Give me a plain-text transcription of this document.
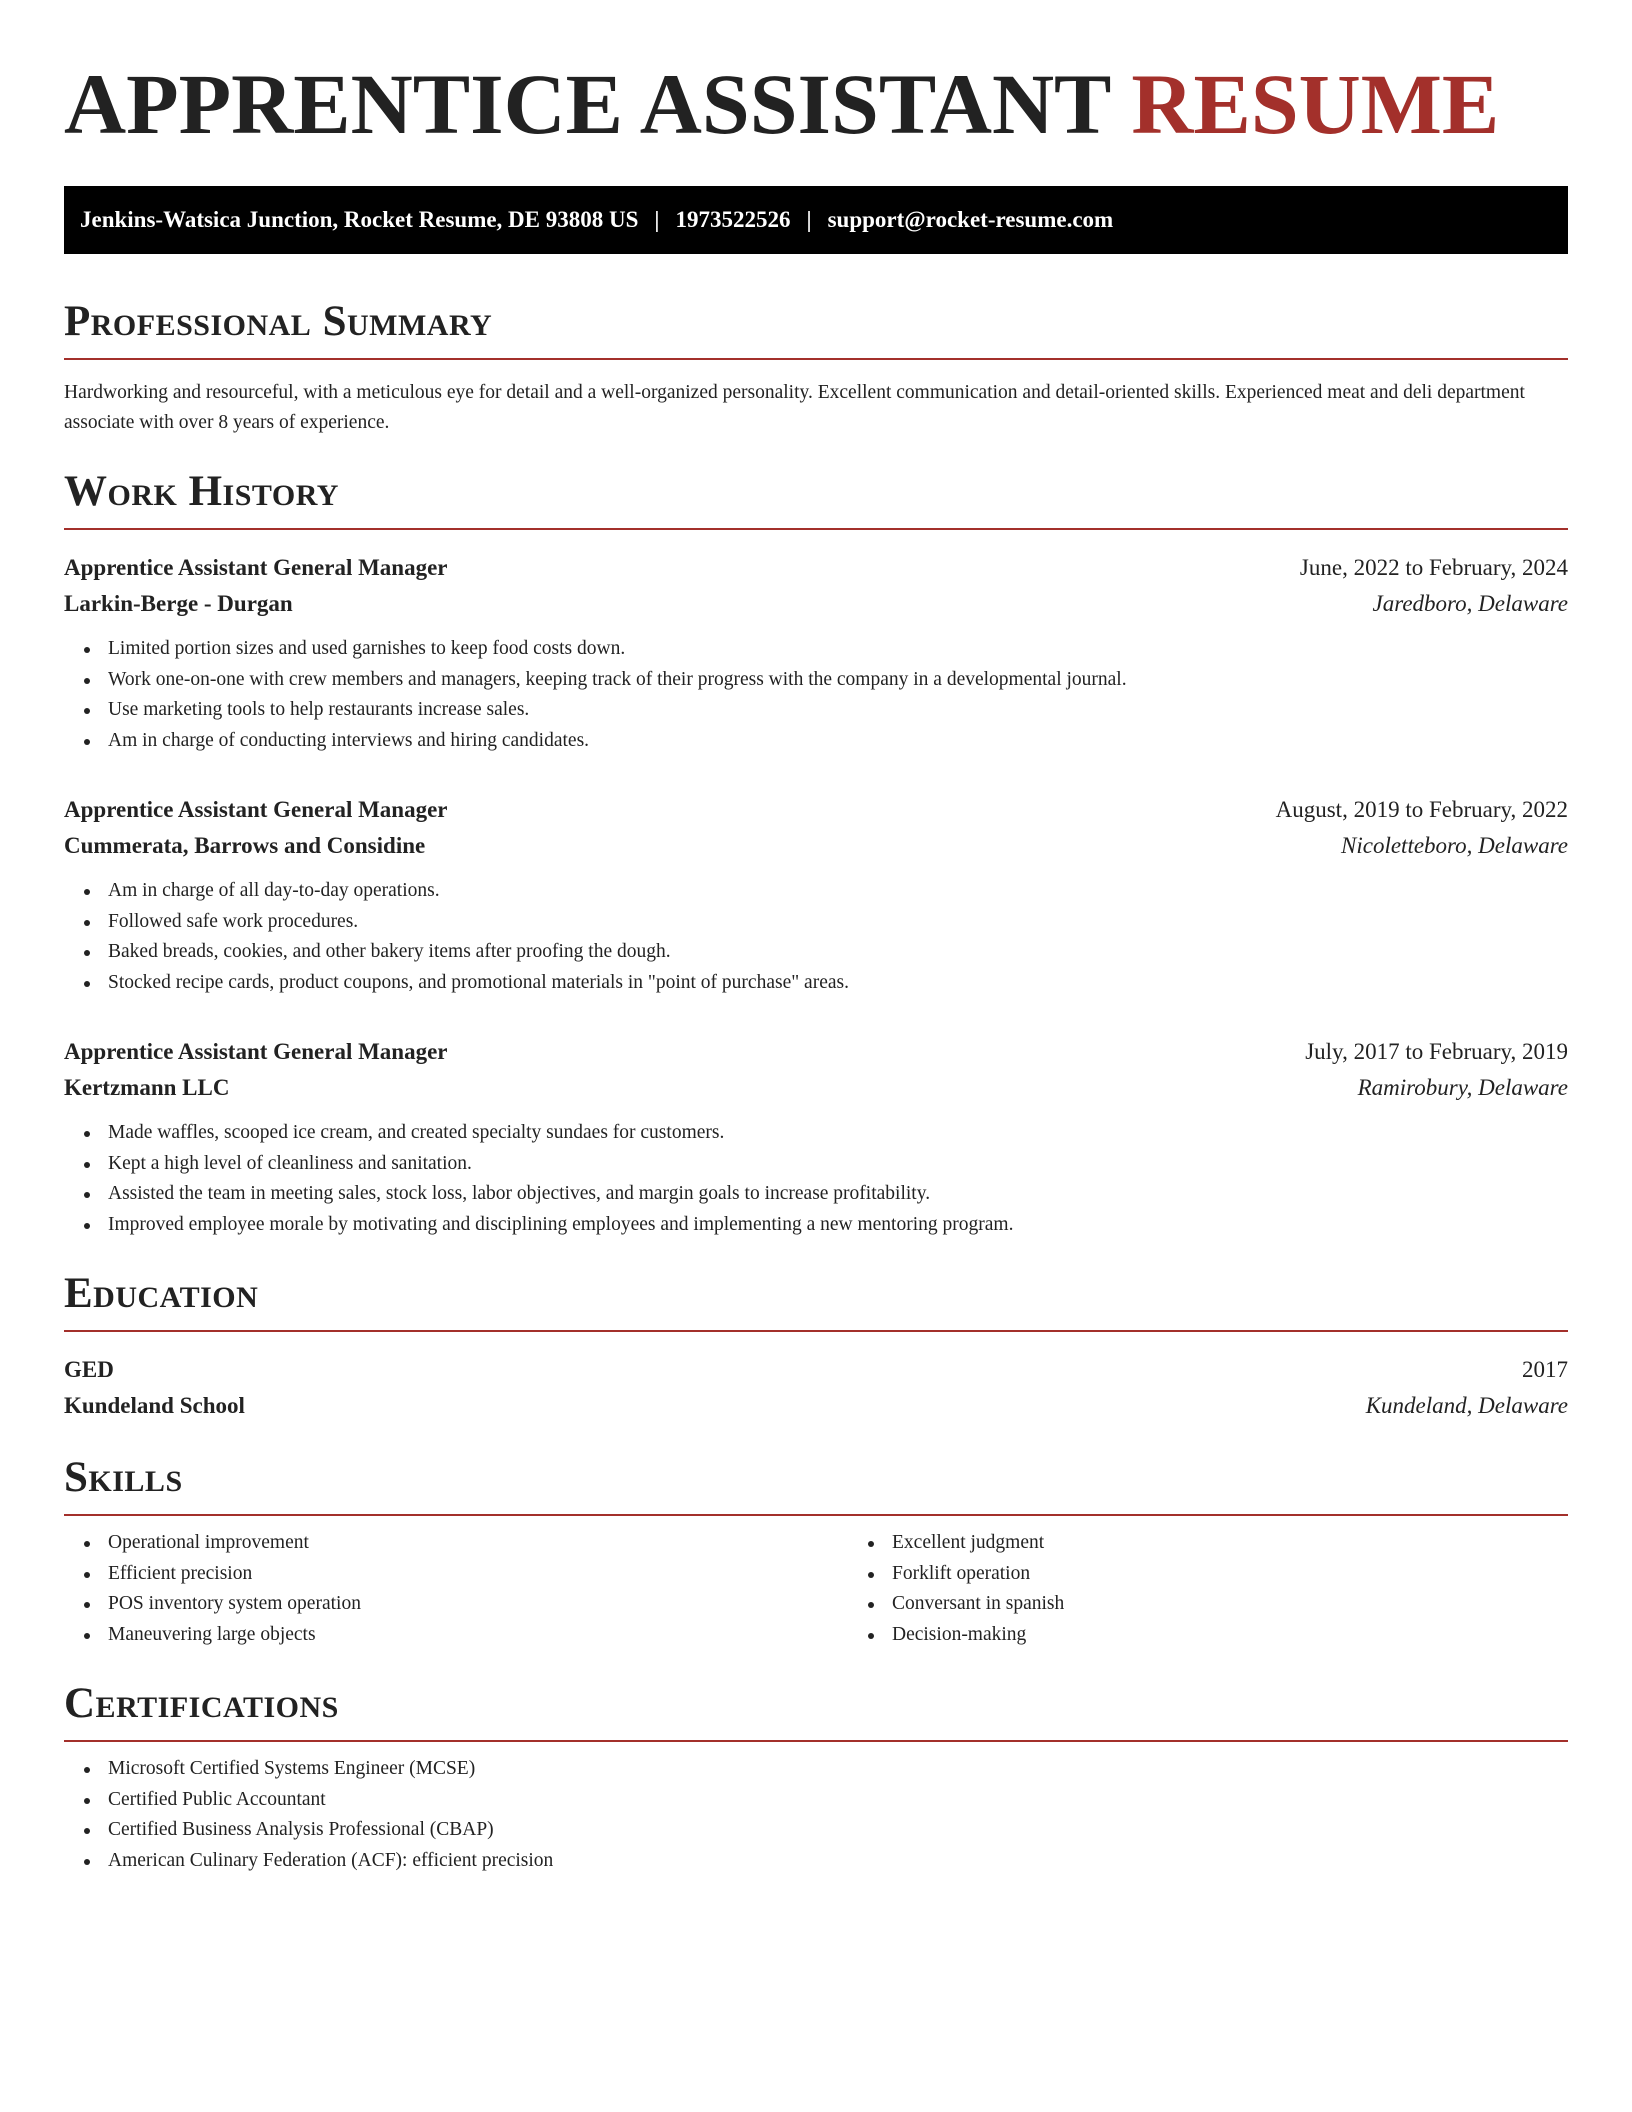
APPRENTICE ASSISTANT RESUME
Jenkins-Watsica Junction, Rocket Resume, DE 93808 US | 1973522526 | support@rocket-resume.com
Professional Summary

Hardworking and resourceful, with a meticulous eye for detail and a well-organized personality. Excellent communication and detail-oriented skills. Experienced meat and deli department associate with over 8 years of experience.

Work History
Apprentice Assistant General Manager	June, 2022 to February, 2024
Larkin-Berge - Durgan	Jaredboro, Delaware
Limited portion sizes and used garnishes to keep food costs down.
Work one-on-one with crew members and managers, keeping track of their progress with the company in a developmental journal.
Use marketing tools to help restaurants increase sales.
Am in charge of conducting interviews and hiring candidates.
Apprentice Assistant General Manager	August, 2019 to February, 2022
Cummerata, Barrows and Considine	Nicoletteboro, Delaware
Am in charge of all day-to-day operations.
Followed safe work procedures.
Baked breads, cookies, and other bakery items after proofing the dough.
Stocked recipe cards, product coupons, and promotional materials in "point of purchase" areas.
Apprentice Assistant General Manager	July, 2017 to February, 2019
Kertzmann LLC	Ramirobury, Delaware
Made waffles, scooped ice cream, and created specialty sundaes for customers.
Kept a high level of cleanliness and sanitation.
Assisted the team in meeting sales, stock loss, labor objectives, and margin goals to increase profitability.
Improved employee morale by motivating and disciplining employees and implementing a new mentoring program.
Education
GED	2017
Kundeland School	Kundeland, Delaware
Skills
Operational improvement
Efficient precision
POS inventory system operation
Maneuvering large objects
Excellent judgment
Forklift operation
Conversant in spanish
Decision-making
Certifications
Microsoft Certified Systems Engineer (MCSE)
Certified Public Accountant
Certified Business Analysis Professional (CBAP)
American Culinary Federation (ACF): efficient precision
